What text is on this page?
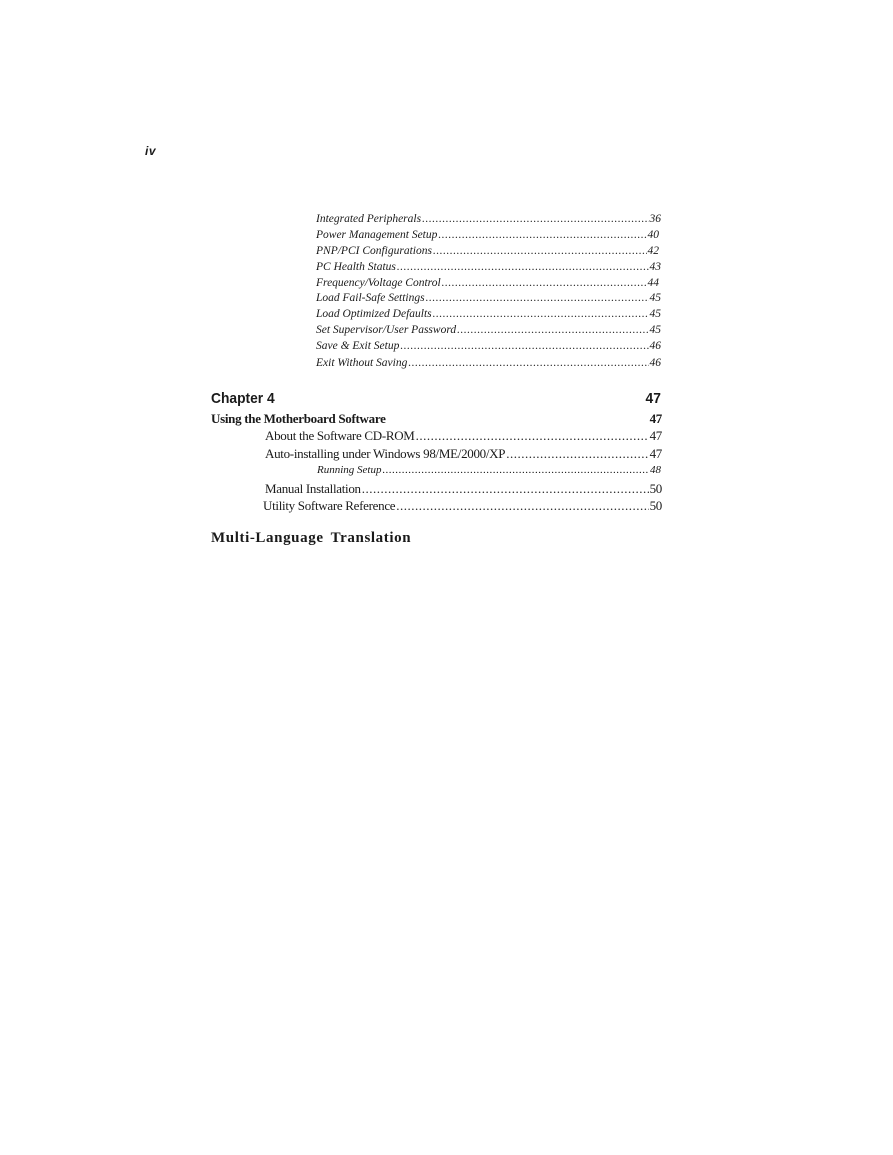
iv
Integrated Peripherals .....	36
Power Management Setup .....	40
PNP/PCI Configurations .....	42
PC Health Status .....	43
Frequency/Voltage Control .....	44
Load Fail-Safe Settings .....	45
Load Optimized Defaults .....	45
Set Supervisor/User Password .....	45
Save & Exit Setup .....	46
Exit Without Saving .....	46
Chapter 4	47
Using the Motherboard Software	47
About the Software CD-ROM .....	47
Auto-installing under Windows 98/ME/2000/XP .....	47
Running Setup .....	48
Manual Installation .....	50
Utility Software Reference .....	50
Multi-Language Translation
